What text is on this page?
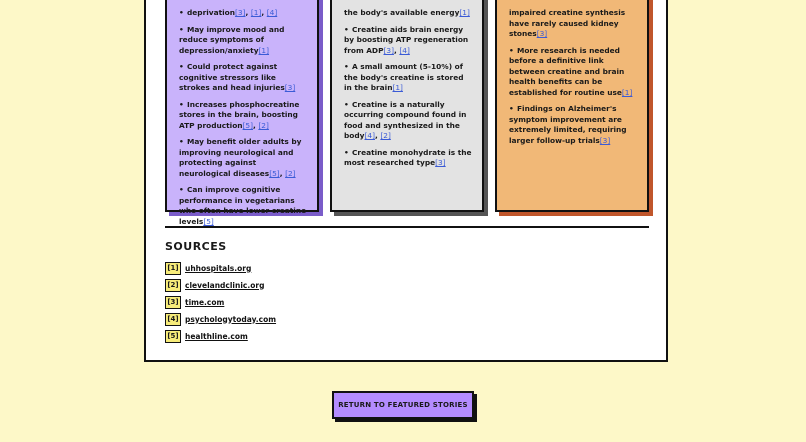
• deprivation[3], [1], [4]
• May improve mood and reduce symptoms of depression/anxiety[1]
• Could protect against cognitive stressors like strokes and head injuries[3]
• Increases phosphocreatine stores in the brain, boosting ATP production[5], [2]
• May benefit older adults by improving neurological and protecting against neurological diseases[5], [2]
• Can improve cognitive performance in vegetarians who often have lower creatine levels[5]
the body's available energy[1]
• Creatine aids brain energy by boosting ATP regeneration from ADP[3], [4]
• A small amount (5-10%) of the body's creatine is stored in the brain[1]
• Creatine is a naturally occurring compound found in food and synthesized in the body[4], [2]
• Creatine monohydrate is the most researched type[3]
impaired creatine synthesis have rarely caused kidney stones[3]
• More research is needed before a definitive link between creatine and brain health benefits can be established for routine use[1]
• Findings on Alzheimer's symptom improvement are extremely limited, requiring larger follow-up trials[3]
SOURCES
[1] uhhospitals.org
[2] clevelandclinic.org
[3] time.com
[4] psychologytoday.com
[5] healthline.com
RETURN TO FEATURED STORIES
